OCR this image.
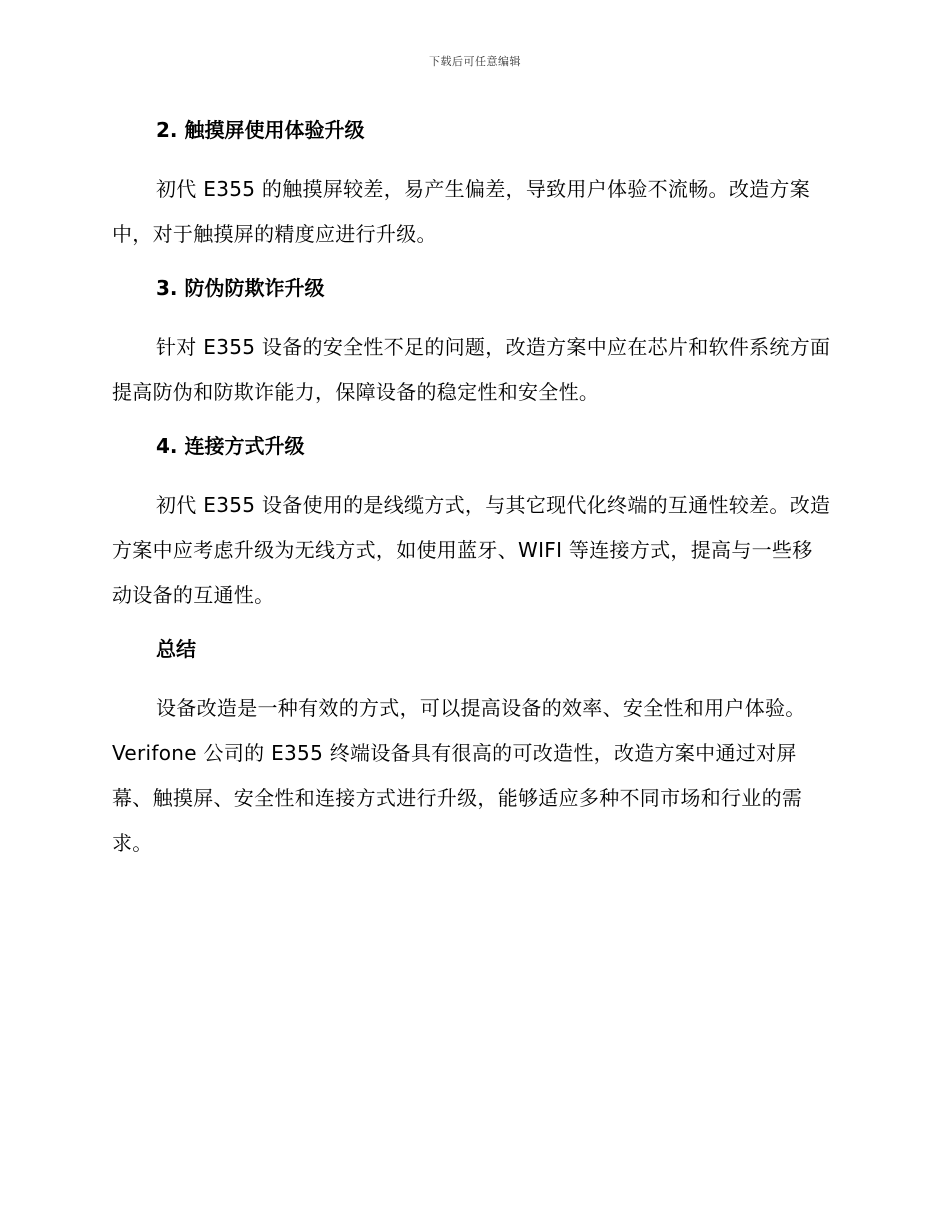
下载后可任意编辑
2. 触摸屏使用体验升级

初代 E355 的触摸屏较差，易产生偏差，导致用户体验不流畅。改造方案中，对于触摸屏的精度应进行升级。

3. 防伪防欺诈升级

针对 E355 设备的安全性不足的问题，改造方案中应在芯片和软件系统方面提高防伪和防欺诈能力，保障设备的稳定性和安全性。

4. 连接方式升级

初代 E355 设备使用的是线缆方式，与其它现代化终端的互通性较差。改造方案中应考虑升级为无线方式，如使用蓝牙、WIFI 等连接方式，提高与一些移动设备的互通性。

总结

设备改造是一种有效的方式，可以提高设备的效率、安全性和用户体验。Verifone 公司的 E355 终端设备具有很高的可改造性，改造方案中通过对屏幕、触摸屏、安全性和连接方式进行升级，能够适应多种不同市场和行业的需求。
